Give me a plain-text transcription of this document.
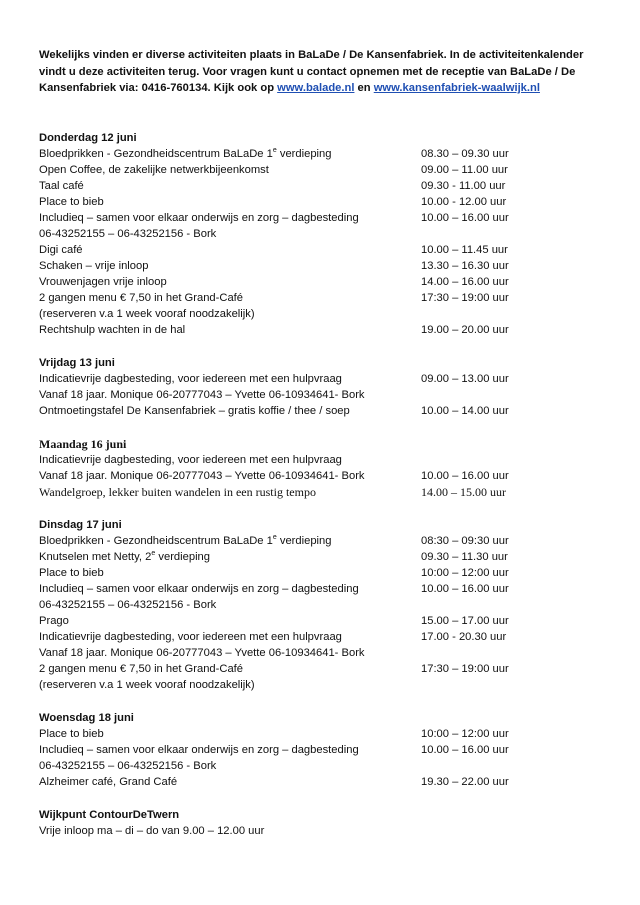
Wekelijks vinden er diverse activiteiten plaats in BaLaDe / De Kansenfabriek. In de activiteitenkalender vindt u deze activiteiten terug. Voor vragen kunt u contact opnemen met de receptie van BaLaDe / De Kansenfabriek via: 0416-760134. Kijk ook op www.balade.nl en www.kansenfabriek-waalwijk.nl

Donderdag 12 juni
Bloedprikken - Gezondheidscentrum BaLaDe 1e verdieping	08.30 – 09.30 uur
Open Coffee, de zakelijke netwerkbijeenkomst	09.00 – 11.00 uur
Taal café	09.30 - 11.00 uur
Place to bieb	10.00 - 12.00 uur
Includieq – samen voor elkaar onderwijs en zorg – dagbesteding	10.00 – 16.00 uur
06-43252155 – 06-43252156 - Bork
Digi café	10.00 – 11.45 uur
Schaken – vrije inloop	13.30 – 16.30 uur
Vrouwenjagen vrije inloop	14.00 – 16.00 uur
2 gangen menu € 7,50 in het Grand-Café	17:30 – 19:00 uur
(reserveren v.a 1 week vooraf noodzakelijk)
Rechtshulp wachten in de hal	19.00 – 20.00 uur
Vrijdag 13 juni
Indicatievrije dagbesteding, voor iedereen met een hulpvraag	09.00 – 13.00 uur
Vanaf 18 jaar. Monique 06-20777043 – Yvette 06-10934641- Bork
Ontmoetingstafel De Kansenfabriek – gratis koffie / thee / soep	10.00 – 14.00 uur
Maandag 16 juni
Indicatievrije dagbesteding, voor iedereen met een hulpvraag
Vanaf 18 jaar. Monique 06-20777043 – Yvette 06-10934641- Bork	10.00 – 16.00 uur
Wandelgroep, lekker buiten wandelen in een rustig tempo	14.00 – 15.00 uur
Dinsdag 17 juni
Bloedprikken - Gezondheidscentrum BaLaDe 1e verdieping	08:30 – 09:30 uur
Knutselen met Netty, 2e verdieping	09.30 – 11.30 uur
Place to bieb	10:00 – 12:00 uur
Includieq – samen voor elkaar onderwijs en zorg – dagbesteding	10.00 – 16.00 uur
06-43252155 – 06-43252156 - Bork
Prago	15.00 – 17.00 uur
Indicatievrije dagbesteding, voor iedereen met een hulpvraag	17.00 - 20.30 uur
Vanaf 18 jaar. Monique 06-20777043 – Yvette 06-10934641- Bork
2 gangen menu € 7,50 in het Grand-Café	17:30 – 19:00 uur
(reserveren v.a 1 week vooraf noodzakelijk)
Woensdag 18 juni
Place to bieb	10:00 – 12:00 uur
Includieq – samen voor elkaar onderwijs en zorg – dagbesteding	10.00 – 16.00 uur
06-43252155 – 06-43252156 - Bork
Alzheimer café, Grand Café	19.30 – 22.00 uur
Wijkpunt ContourDeTwern
Vrije inloop ma – di – do van 9.00 – 12.00 uur
